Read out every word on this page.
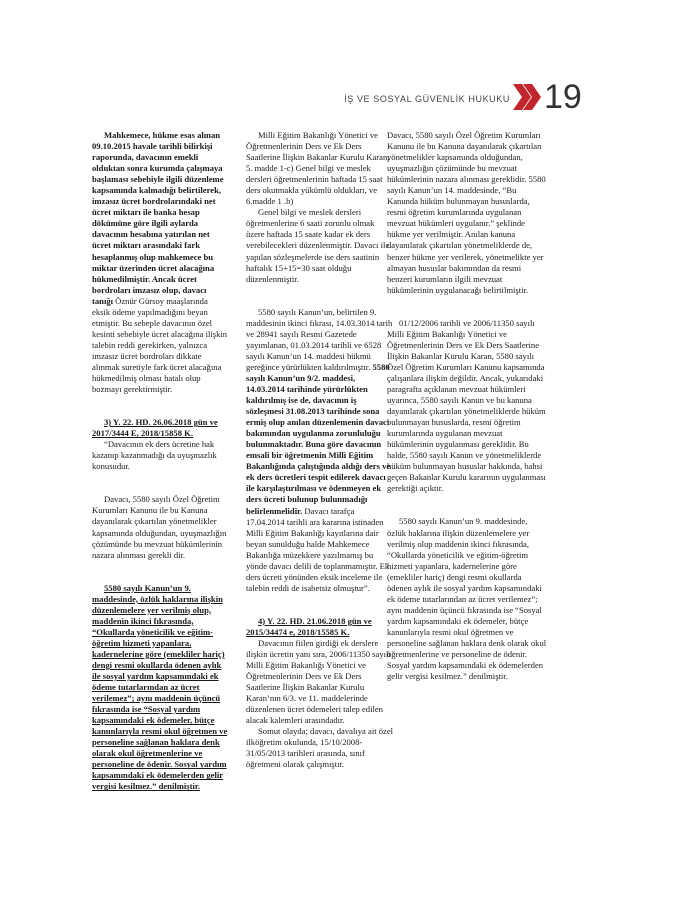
İŞ VE SOSYAL GÜVENLİK HUKUKU 19

Mahkemece, hükme esas alınan 09.10.2015 havale tarihli bilirkişi raporunda, davacının emekli olduktan sonra kurumda çalışmaya başlaması sebebiyle ilgili düzenleme kapsamında kalmadığı belirtilerek, imzasız ücret bordrolarındaki net ücret miktarı ile banka hesap dökümüne göre ilgili aylarda davacının hesabına yatırılan net ücret miktarı arasındaki fark hesaplanmış olup mahkemece bu miktar üzerinden ücret alacağına hükmedilmiştir. Ancak ücret bordroları imzasız olup, davacı tanığı Öznür Gürsoy maaşlarında eksik ödeme yapılmadığını beyan etmiştir. Bu sebeple davacının özel kesinti sebebiyle ücret alacağına ilişkin talebin reddi gerekirken, yalnızca imzasız ücret bordroları dikkate alınmak suretiyle fark ücret alacağına hükmedilmiş olması hatalı olup bozmayı gerektirmiştir.

3) Y. 22. HD. 26.06.2018 gün ve 2017/3444 E, 2018/15858 K.

“Davacının ek ders ücretine hak kazanıp kazanmadığı da uyuşmazlık konusudur.

Davacı, 5580 sayılı Özel Öğretim Kurumları Kanunu ile bu Kanuna dayanılarak çıkartılan yönetmelikler kapsamında olduğundan, uyuşmazlığın çözümünde bu mevzuat hükümlerinin nazara alınması gerekli dir.

5580 sayılı Kanun’un 9. maddesinde, özlük haklarına ilişkin düzenlemelere yer verilmiş olup, maddenin ikinci fıkrasında, “Okullarda yöneticilik ve eğitim-öğretim hizmeti yapanlara, kadernelerine göre (emekliler hariç) dengi resmi okullarda ödenen aylık ile sosyal yardım kapsamındaki ek ödeme tutarlarından az ücret verilemez”; aynı maddenin üçüncü fıkrasında ise “Sosyal yardım kapsamındaki ek ödemeler, bütçe kanunlarıyla resmi okul öğretmen ve personeline sağlanan haklara denk olarak okul öğretmenlerine ve personeline de ödenir. Sosyal yardım kapsamındaki ek ödemelerden gelir vergisi kesilmez.” denilmiştir.

Milli Eğitim Bakanlığı Yönetici ve Öğretmenlerinin Ders ve Ek Ders Saatlerine İlişkin Bakanlar Kurulu Karan; 5. madde 1-c) Genel bilgi ve meslek dersleri öğretmenlerinin haftada 15 saat ders okutmakla yükümlü oldukları, ve 6.madde 1 .b)

Genel bilgi ve meslek dersleri öğretmenlerine 6 saati zorunlu olmak üzere haftada 15 saate kadar ek ders verebilecekleri düzenlenmiştir. Davacı ile yapılan sözleşmelerde ise ders saatinin haftalık 15+15=30 saat olduğu düzenlenmiştir.

5580 sayılı Kanun’un, belirtilen 9. maddesinin ikinci fıkrası, 14.03.3014 tarih ve 28941 sayılı Resmi Gazetede yayımlanan, 01.03.2014 tarihli ve 6528 sayılı Kanun’un 14. maddesi hükmü gereğince yürürlükten kaldırılmıştır. 5580 sayılı Kanun’un 9/2. maddesi, 14.03.2014 tarihinde yürürlükten kaldırılmış ise de, davacının iş sözleşmesi 31.08.2013 tarihinde sona ermiş olup anılan düzenlemenin davacı bakımından uygulanma zorunluluğu bulunmaktadır. Buna göre davacının emsali bir öğretmenin Milli Eğitim Bakanlığında çalıştığında aldığı ders ve ek ders ücretleri tespit edilerek davacı ile karşılaştırılması ve ödenmeyen ek ders ücreti bulunup bulunmadığı belirlenmelidir. Davacı tarafça 17.04.2014 tarihli ara kararına istinaden Milli Eğitim Bakanlığı kayıtlarına dair beyan sunulduğu halde Mahkemece Bakanlığa müzekkere yazılmamış bu yönde davacı delili de toplanmamıştır. Ek ders ücreti yönünden eksik inceleme ile talebin reddi de isabetsiz olmuştur”.

4) Y. 22. HD. 21.06.2018 gün ve 2015/34474 e, 2018/15585 K.

Davacının fiilen girdiği ek derslere ilişkin ücretin yanı sıra, 2006/11350 sayılı Milli Eğitim Bakanlığı Yönetici ve Öğretmenlerinin Ders ve Ek Ders Saatlerine İlişkin Bakanlar Kurulu Karan’nın 6/3. ve 11. maddelerinde düzenlenen ücret ödemeleri talep edilen alacak kalemleri arasındadır.

Somut olayda; davacı, davalıya ait özel ilköğretim okulunda, 15/10/2008-31/05/2013 tarihleri arasında, sınıf öğretmeni olarak çalışmıştır.

Davacı, 5580 sayılı Özel Öğretim Kurumları Kanunu ile bu Kanuna dayanılarak çıkartılan yönetmelikler kapsamında olduğundan, uyuşmazlığın çözümünde bu mevzuat hükümlerinin nazara alınması gereklidir. 5580 sayılı Kanun’un 14. maddesinde, “Bu Kanunda hüküm bulunmayan hususlarda, resmi öğretim kurumlarında uygulanan mevzuat hükümleri uygulanır.” şeklinde hükme yer verilmiştir. Anılan kanuna dayanılarak çıkartılan yönetmeliklerde de, benzer hükme yer verilerek, yönetmelikte yer almayan hususlar bakımından da resmi benzeri kurumların ilgili mevzuat hükümlerinin uygulanacağı belirtilmiştir.

01/12/2006 tarihli ve 2006/11350 sayılı Milli Eğitim Bakanlığı Yönetici ve Öğretmenlerinin Ders ve Ek Ders Saatlerine İlişkin Bakanlar Kurulu Karan, 5580 sayılı Özel Öğretim Kurumları Kanunu kapsamında çalışanlara ilişkin değildir. Ancak, yukarıdaki paragrafta açıklanan mevzuat hükümleri uyarınca, 5580 sayılı Kanun ve bu kanuna dayanılarak çıkartılan yönetmeliklerde hüküm bulunmayan hususlarda, resmi öğretim kurumlarında uygulanan mevzuat hükümlerinin uygulanması gereklidir. Bu halde, 5580 sayılı Kanun ve yönetmeliklerde hüküm bulunmayan hususlar hakkında, bahsi geçen Bakanlar Kurulu kararının uygulanması gerektiği açıktır.

5580 sayılı Kanun’un 9. maddesinde, özlük haklarına ilişkin düzenlemelere yer verilmiş olup maddenin ikinci fıkrasında, “Okullarda yöneticilik ve eğitim-öğretim hizmeti yapanlara, kadernelerine göre (emekliler hariç) dengi resmi okullarda ödenen aylık ile sosyal yardım kapsamındaki ek ödeme tutarlarından az ücret verilemez”; aynı maddenin üçüncü fıkrasında ise “Sosyal yardım kapsamındaki ek ödemeler, bütçe kanunlarıyla resmi okul öğretmen ve personeline sağlanan haklara denk olarak okul öğretmenlerine ve personeline de ödenir. Sosyal yardım kapsamındaki ek ödemelerden gelir vergisi kesilmez.” denilmiştir.
